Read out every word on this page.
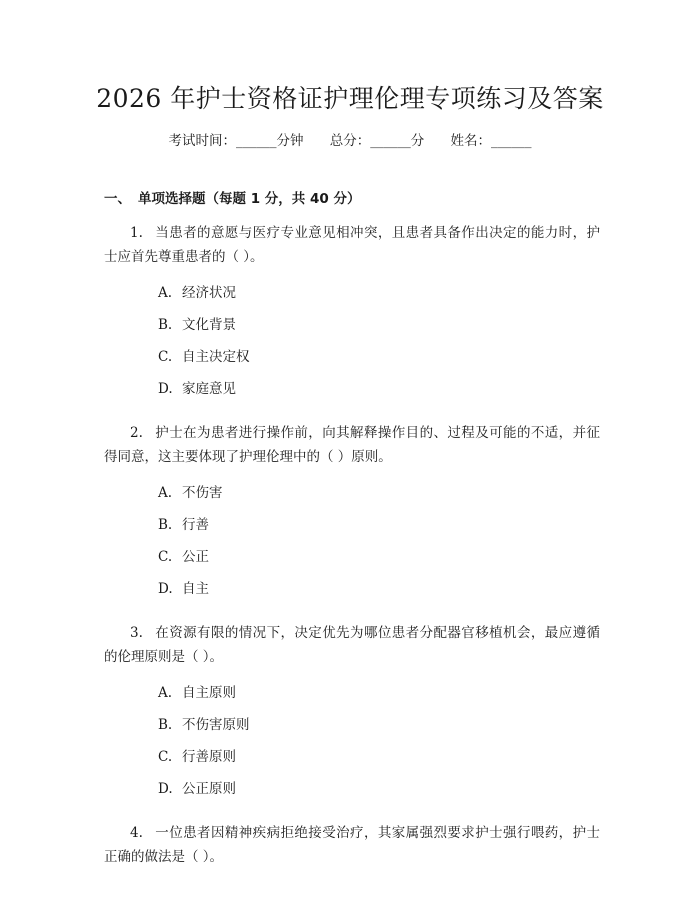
2026 年护士资格证护理伦理专项练习及答案
考试时间：______分钟 总分：______分 姓名：______
一、 单项选择题（每题 1 分，共 40 分）

1. 当患者的意愿与医疗专业意见相冲突，且患者具备作出决定的能力时，护士应首先尊重患者的（ ）。

A. 经济状况
B. 文化背景
C. 自主决定权
D. 家庭意见

2. 护士在为患者进行操作前，向其解释操作目的、过程及可能的不适，并征得同意，这主要体现了护理伦理中的（ ）原则。

A. 不伤害
B. 行善
C. 公正
D. 自主

3. 在资源有限的情况下，决定优先为哪位患者分配器官移植机会，最应遵循的伦理原则是（ ）。

A. 自主原则
B. 不伤害原则
C. 行善原则
D. 公正原则

4. 一位患者因精神疾病拒绝接受治疗，其家属强烈要求护士强行喂药，护士正确的做法是（ ）。
